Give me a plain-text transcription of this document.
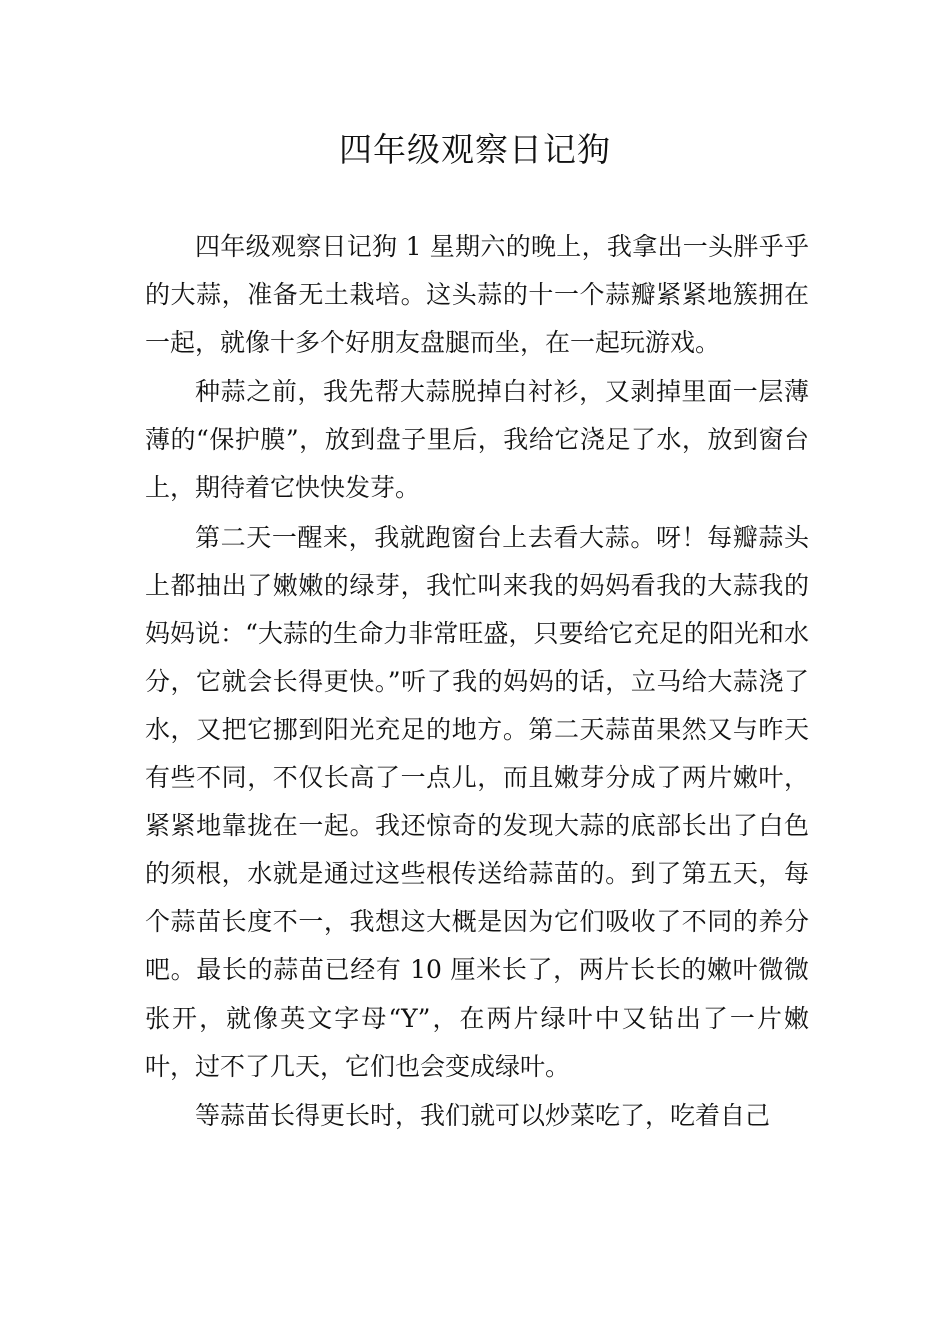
四年级观察日记狗

四年级观察日记狗 1 星期六的晚上，我拿出一头胖乎乎的大蒜，准备无土栽培。这头蒜的十一个蒜瓣紧紧地簇拥在一起，就像十多个好朋友盘腿而坐，在一起玩游戏。

种蒜之前，我先帮大蒜脱掉白衬衫，又剥掉里面一层薄薄的“保护膜”，放到盘子里后，我给它浇足了水，放到窗台上，期待着它快快发芽。

第二天一醒来，我就跑窗台上去看大蒜。呀！每瓣蒜头上都抽出了嫩嫩的绿芽，我忙叫来我的妈妈看我的大蒜我的妈妈说：“大蒜的生命力非常旺盛，只要给它充足的阳光和水分，它就会长得更快。”听了我的妈妈的话，立马给大蒜浇了水，又把它挪到阳光充足的地方。第二天蒜苗果然又与昨天有些不同，不仅长高了一点儿，而且嫩芽分成了两片嫩叶，紧紧地靠拢在一起。我还惊奇的发现大蒜的底部长出了白色的须根，水就是通过这些根传送给蒜苗的。到了第五天，每个蒜苗长度不一，我想这大概是因为它们吸收了不同的养分吧。最长的蒜苗已经有 10 厘米长了，两片长长的嫩叶微微张开，就像英文字母“Y”，在两片绿叶中又钻出了一片嫩叶，过不了几天，它们也会变成绿叶。

等蒜苗长得更长时，我们就可以炒菜吃了，吃着自己
